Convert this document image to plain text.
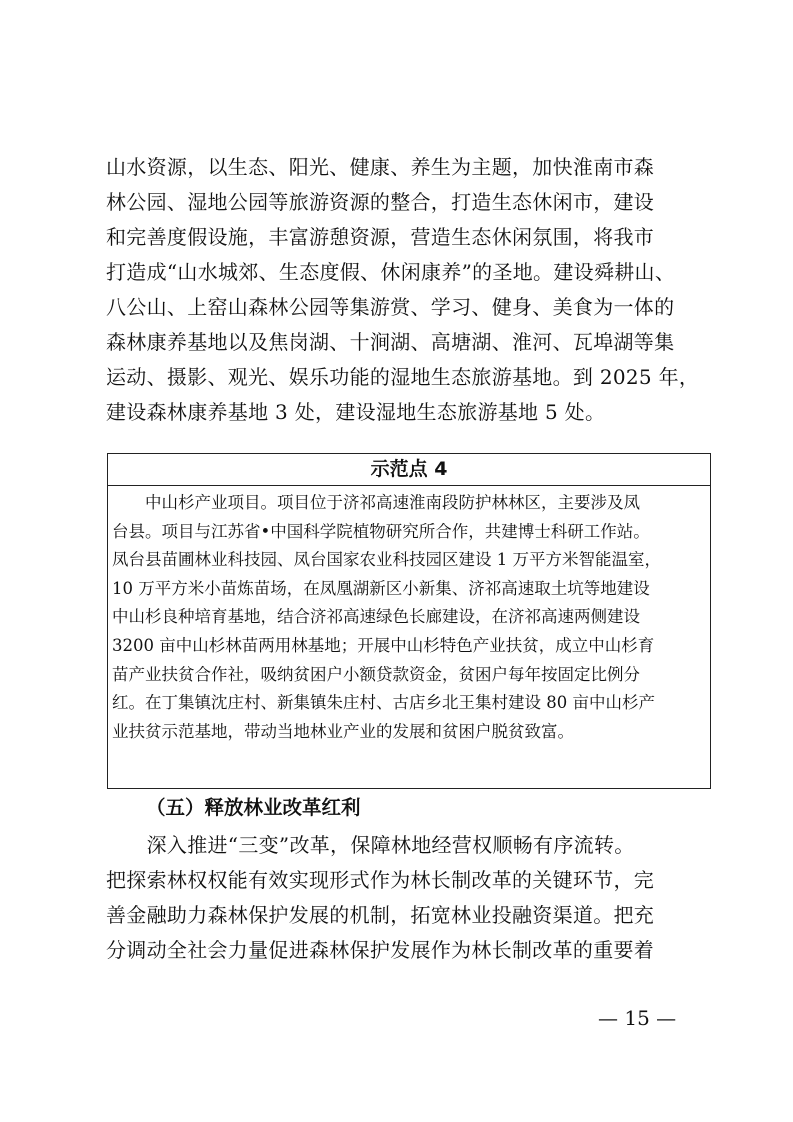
山水资源，以生态、阳光、健康、养生为主题，加快淮南市森
林公园、湿地公园等旅游资源的整合，打造生态休闲市，建设
和完善度假设施，丰富游憩资源，营造生态休闲氛围，将我市
打造成“山水城郊、生态度假、休闲康养”的圣地。建设舜耕山、
八公山、上窑山森林公园等集游赏、学习、健身、美食为一体的
森林康养基地以及焦岗湖、十涧湖、高塘湖、淮河、瓦埠湖等集
运动、摄影、观光、娱乐功能的湿地生态旅游基地。到 2025 年，
建设森林康养基地 3 处，建设湿地生态旅游基地 5 处。
示范点 4
　　中山杉产业项目。项目位于济祁高速淮南段防护林林区，主要涉及凤
台县。项目与江苏省•中国科学院植物研究所合作，共建博士科研工作站。
凤台县苗圃林业科技园、凤台国家农业科技园区建设 1 万平方米智能温室，
10 万平方米小苗炼苗场，在凤凰湖新区小新集、济祁高速取土坑等地建设
中山杉良种培育基地，结合济祁高速绿色长廊建设，在济祁高速两侧建设
3200 亩中山杉林苗两用林基地；开展中山杉特色产业扶贫，成立中山杉育
苗产业扶贫合作社，吸纳贫困户小额贷款资金，贫困户每年按固定比例分
红。在丁集镇沈庄村、新集镇朱庄村、古店乡北王集村建设 80 亩中山杉产
业扶贫示范基地，带动当地林业产业的发展和贫困户脱贫致富。
（五）释放林业改革红利
　　深入推进“三变”改革，保障林地经营权顺畅有序流转。
把探索林权权能有效实现形式作为林长制改革的关键环节，完
善金融助力森林保护发展的机制，拓宽林业投融资渠道。把充
分调动全社会力量促进森林保护发展作为林长制改革的重要着
— 15 —
